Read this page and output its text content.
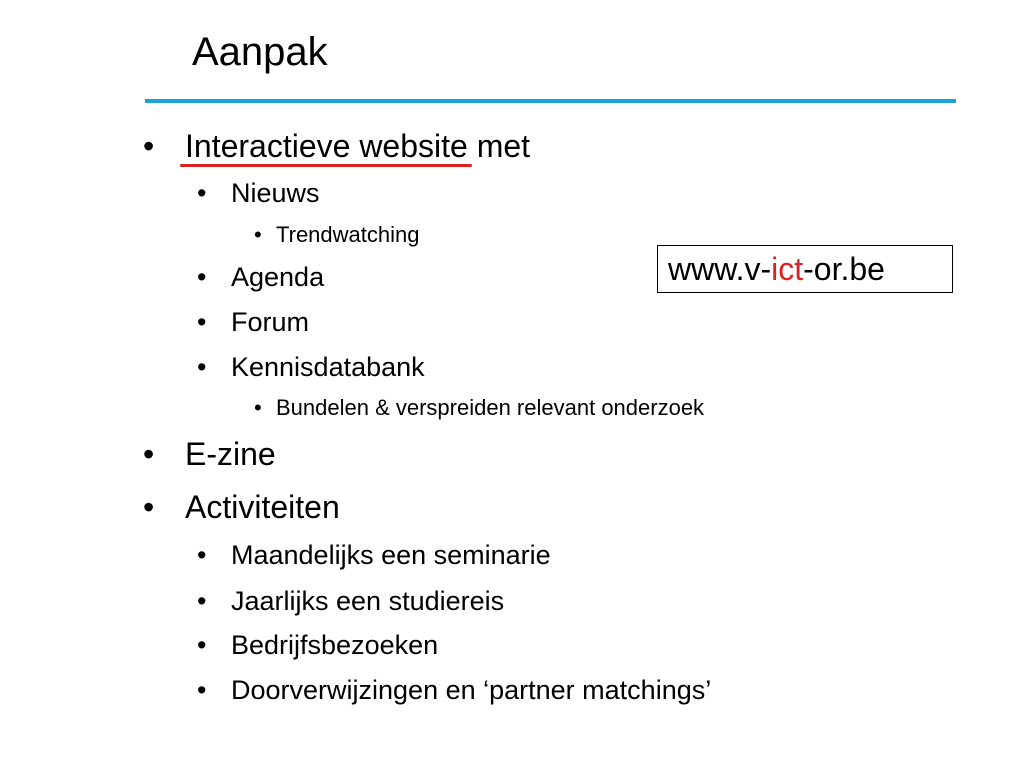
Aanpak
• Interactieve website
met
• Nieuws
• Trendwatching
• Agenda
• Forum
• Kennisdatabank
• Bundelen & verspreiden relevant onderzoek
• E-zine
• Activiteiten
• Maandelijks een seminarie
• Jaarlijks een studiereis
• Bedrijfsbezoeken
• Doorverwijzingen en ‘partner matchings’
www.v-ict-or.be
